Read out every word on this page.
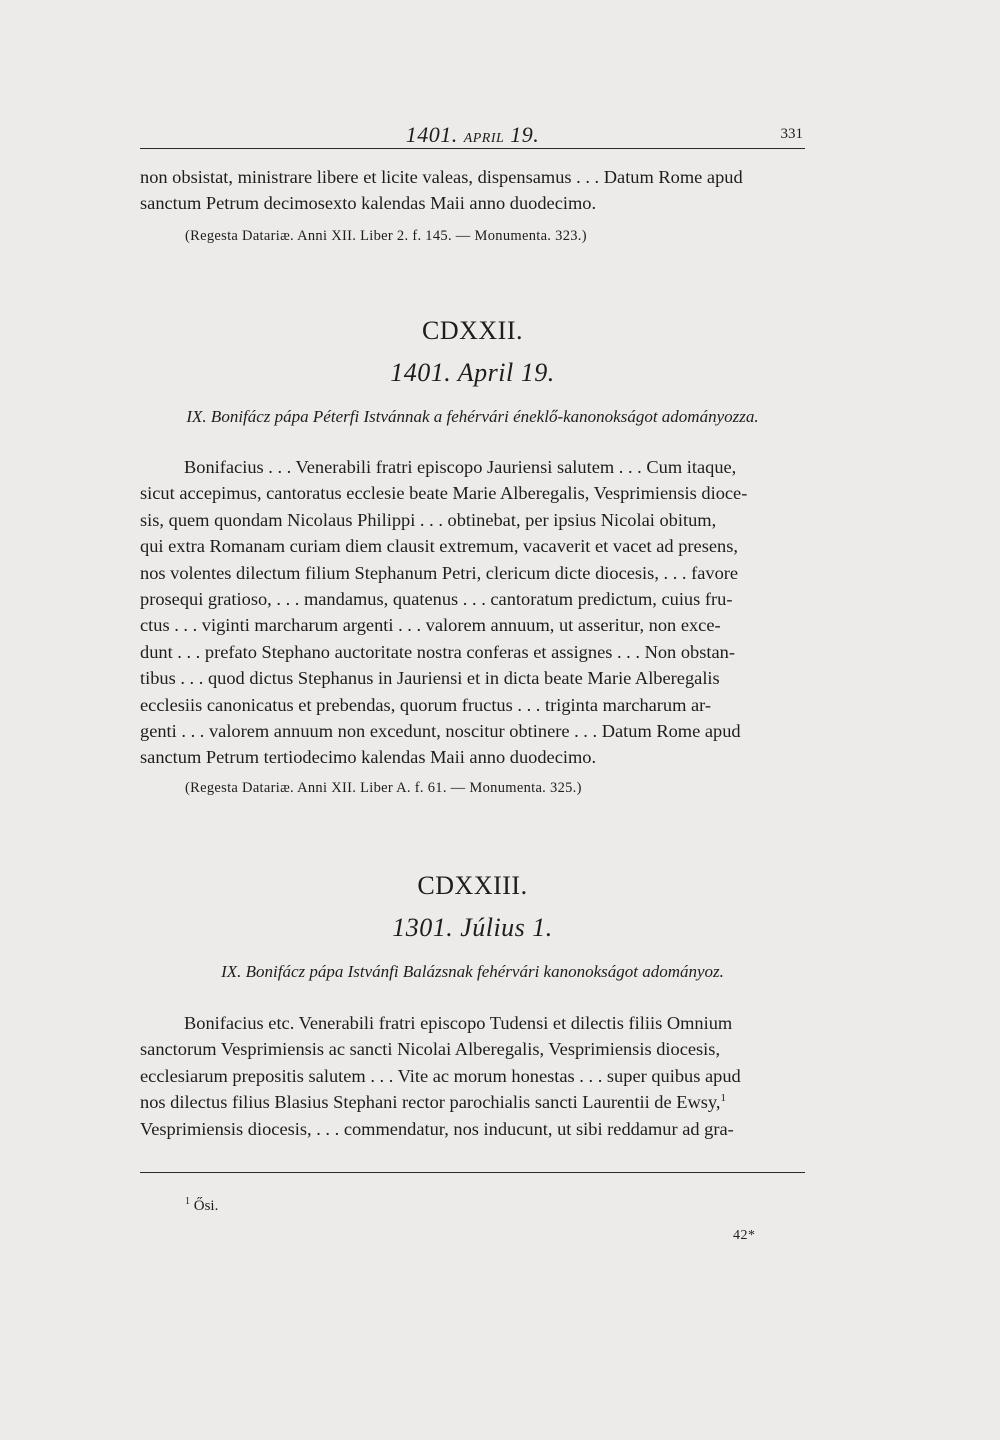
1401. APRIL 19.	331

non obsistat, ministrare libere et licite valeas, dispensamus . . . Datum Rome apud

sanctum Petrum decimosexto kalendas Maii anno duodecimo.

(Regesta Datariæ. Anni XII. Liber 2. f. 145. — Monumenta. 323.)
CDXXII.
1401. April 19.
IX. Bonifácz pápa Péterfi Istvánnak a fehérvári éneklő-kanonokságot adományozza.

Bonifacius . . . Venerabili fratri episcopo Jauriensi salutem . . . Cum itaque,

sicut accepimus, cantoratus ecclesie beate Marie Alberegalis, Vesprimiensis dioce-

sis, quem quondam Nicolaus Philippi . . . obtinebat, per ipsius Nicolai obitum,

qui extra Romanam curiam diem clausit extremum, vacaverit et vacet ad presens,

nos volentes dilectum filium Stephanum Petri, clericum dicte diocesis, . . . favore

prosequi gratioso, . . . mandamus, quatenus . . . cantoratum predictum, cuius fru-

ctus . . . viginti marcharum argenti . . . valorem annuum, ut asseritur, non exce-

dunt . . . prefato Stephano auctoritate nostra conferas et assignes . . . Non obstan-

tibus . . . quod dictus Stephanus in Jauriensi et in dicta beate Marie Alberegalis

ecclesiis canonicatus et prebendas, quorum fructus . . . triginta marcharum ar-

genti . . . valorem annuum non excedunt, noscitur obtinere . . . Datum Rome apud

sanctum Petrum tertiodecimo kalendas Maii anno duodecimo.

(Regesta Datariæ. Anni XII. Liber A. f. 61. — Monumenta. 325.)
CDXXIII.
1301. Július 1.
IX. Bonifácz pápa Istvánfi Balázsnak fehérvári kanonokságot adományoz.

Bonifacius etc. Venerabili fratri episcopo Tudensi et dilectis filiis Omnium

sanctorum Vesprimiensis ac sancti Nicolai Alberegalis, Vesprimiensis diocesis,

ecclesiarum prepositis salutem . . . Vite ac morum honestas . . . super quibus apud

nos dilectus filius Blasius Stephani rector parochialis sancti Laurentii de Ewsy,$^1$

Vesprimiensis diocesis, . . . commendatur, nos inducunt, ut sibi reddamur ad gra-

$^1$ Ősi.
42*
